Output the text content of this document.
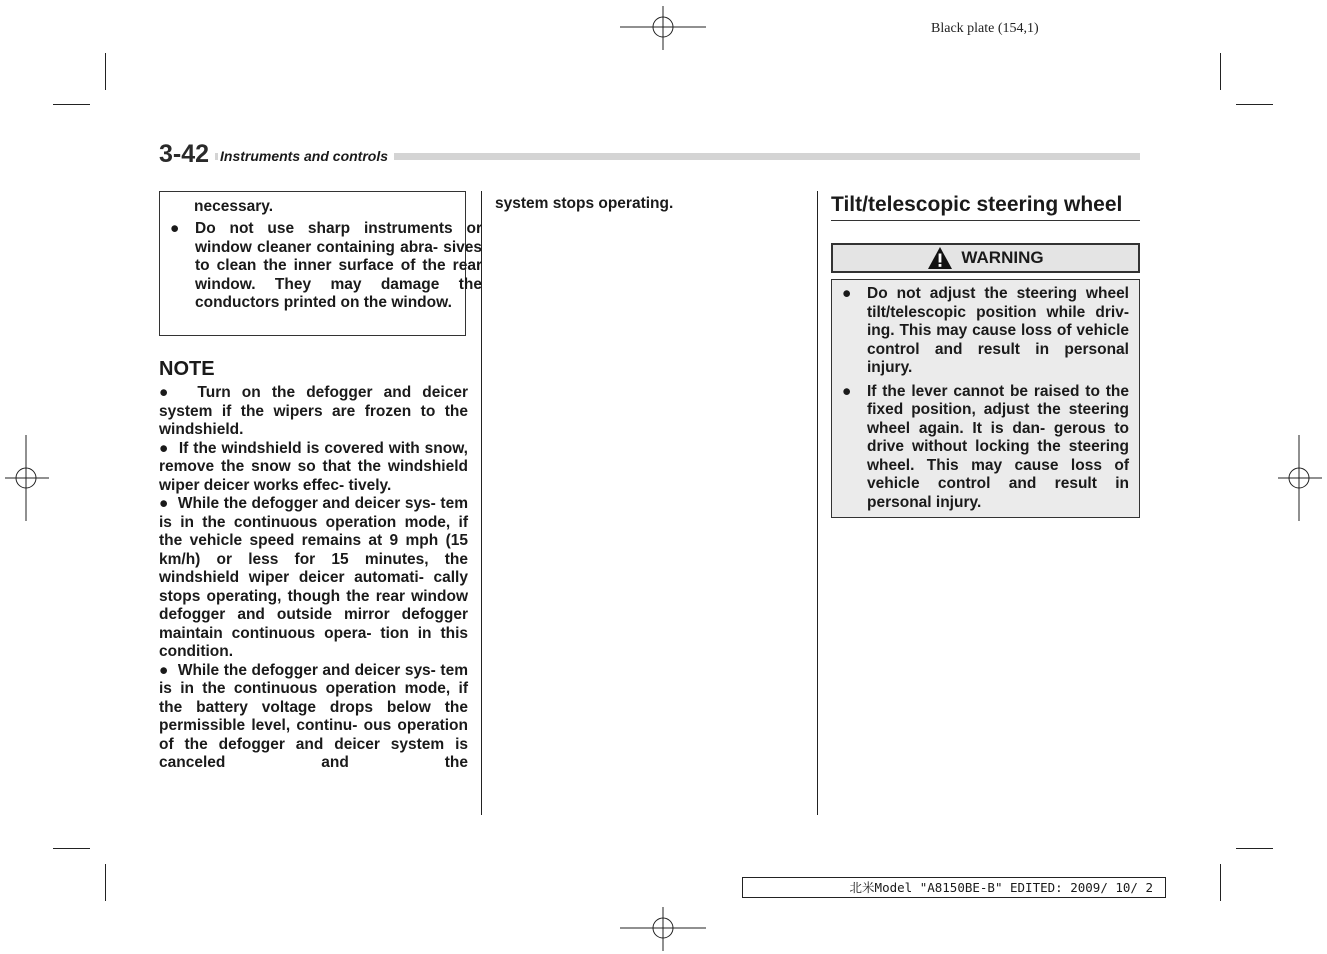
Black plate (154,1)
3-42 Instruments and controls
necessary.
● Do not use sharp instruments or window cleaner containing abra- sives to clean the inner surface of the rear window. They may damage the conductors printed on the window.
NOTE
● Turn on the defogger and deicer system if the wipers are frozen to the windshield.
● If the windshield is covered with snow, remove the snow so that the windshield wiper deicer works effec- tively.
● While the defogger and deicer sys- tem is in the continuous operation mode, if the vehicle speed remains at 9 mph (15 km/h) or less for 15 minutes, the windshield wiper deicer automati- cally stops operating, though the rear window defogger and outside mirror defogger maintain continuous opera- tion in this condition.
● While the defogger and deicer sys- tem is in the continuous operation mode, if the battery voltage drops below the permissible level, continu- ous operation of the defogger and deicer system is canceled and the
system stops operating.	Tilt/telescopic steering wheel
WARNING
● Do not adjust the steering wheel tilt/telescopic position while driv- ing. This may cause loss of vehicle control and result in personal injury.
● If the lever cannot be raised to the fixed position, adjust the steering wheel again. It is dan- gerous to drive without locking the steering wheel. This may cause loss of vehicle control and result in personal injury.
北米Model "A8150BE-B" EDITED: 2009/ 10/ 2
